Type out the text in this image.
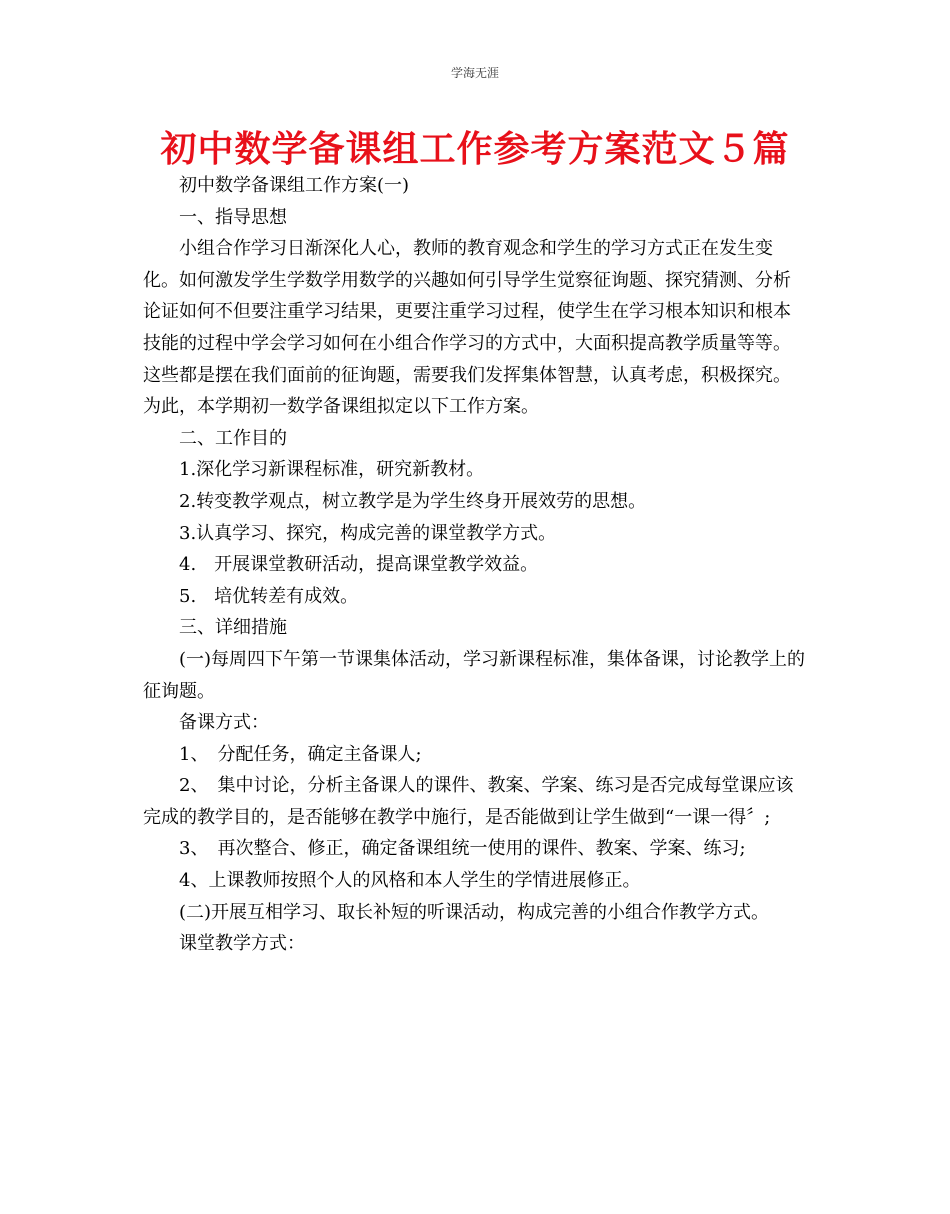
学海无涯
初中数学备课组工作参考方案范文５篇

初中数学备课组工作方案(一)

一、指导思想

小组合作学习日渐深化人心，教师的教育观念和学生的学习方式正在发生变化。如何激发学生学数学用数学的兴趣如何引导学生觉察征询题、探究猜测、分析论证如何不但要注重学习结果，更要注重学习过程，使学生在学习根本知识和根本技能的过程中学会学习如何在小组合作学习的方式中，大面积提高教学质量等等。这些都是摆在我们面前的征询题，需要我们发挥集体智慧，认真考虑，积极探究。为此，本学期初一数学备课组拟定以下工作方案。

二、工作目的

1.深化学习新课程标准，研究新教材。

2.转变教学观点，树立教学是为学生终身开展效劳的思想。

3.认真学习、探究，构成完善的课堂教学方式。

4.　开展课堂教研活动，提高课堂教学效益。

5.　培优转差有成效。

三、详细措施

(一)每周四下午第一节课集体活动，学习新课程标准，集体备课，讨论教学上的征询题。

备课方式：

1、　分配任务，确定主备课人;

2、　集中讨论，分析主备课人的课件、教案、学案、练习是否完成每堂课应该完成的教学目的，是否能够在教学中施行，是否能做到让学生做到“一课一得〞;

3、　再次整合、修正，确定备课组统一使用的课件、教案、学案、练习;

4、上课教师按照个人的风格和本人学生的学情进展修正。

(二)开展互相学习、取长补短的听课活动，构成完善的小组合作教学方式。

课堂教学方式：
